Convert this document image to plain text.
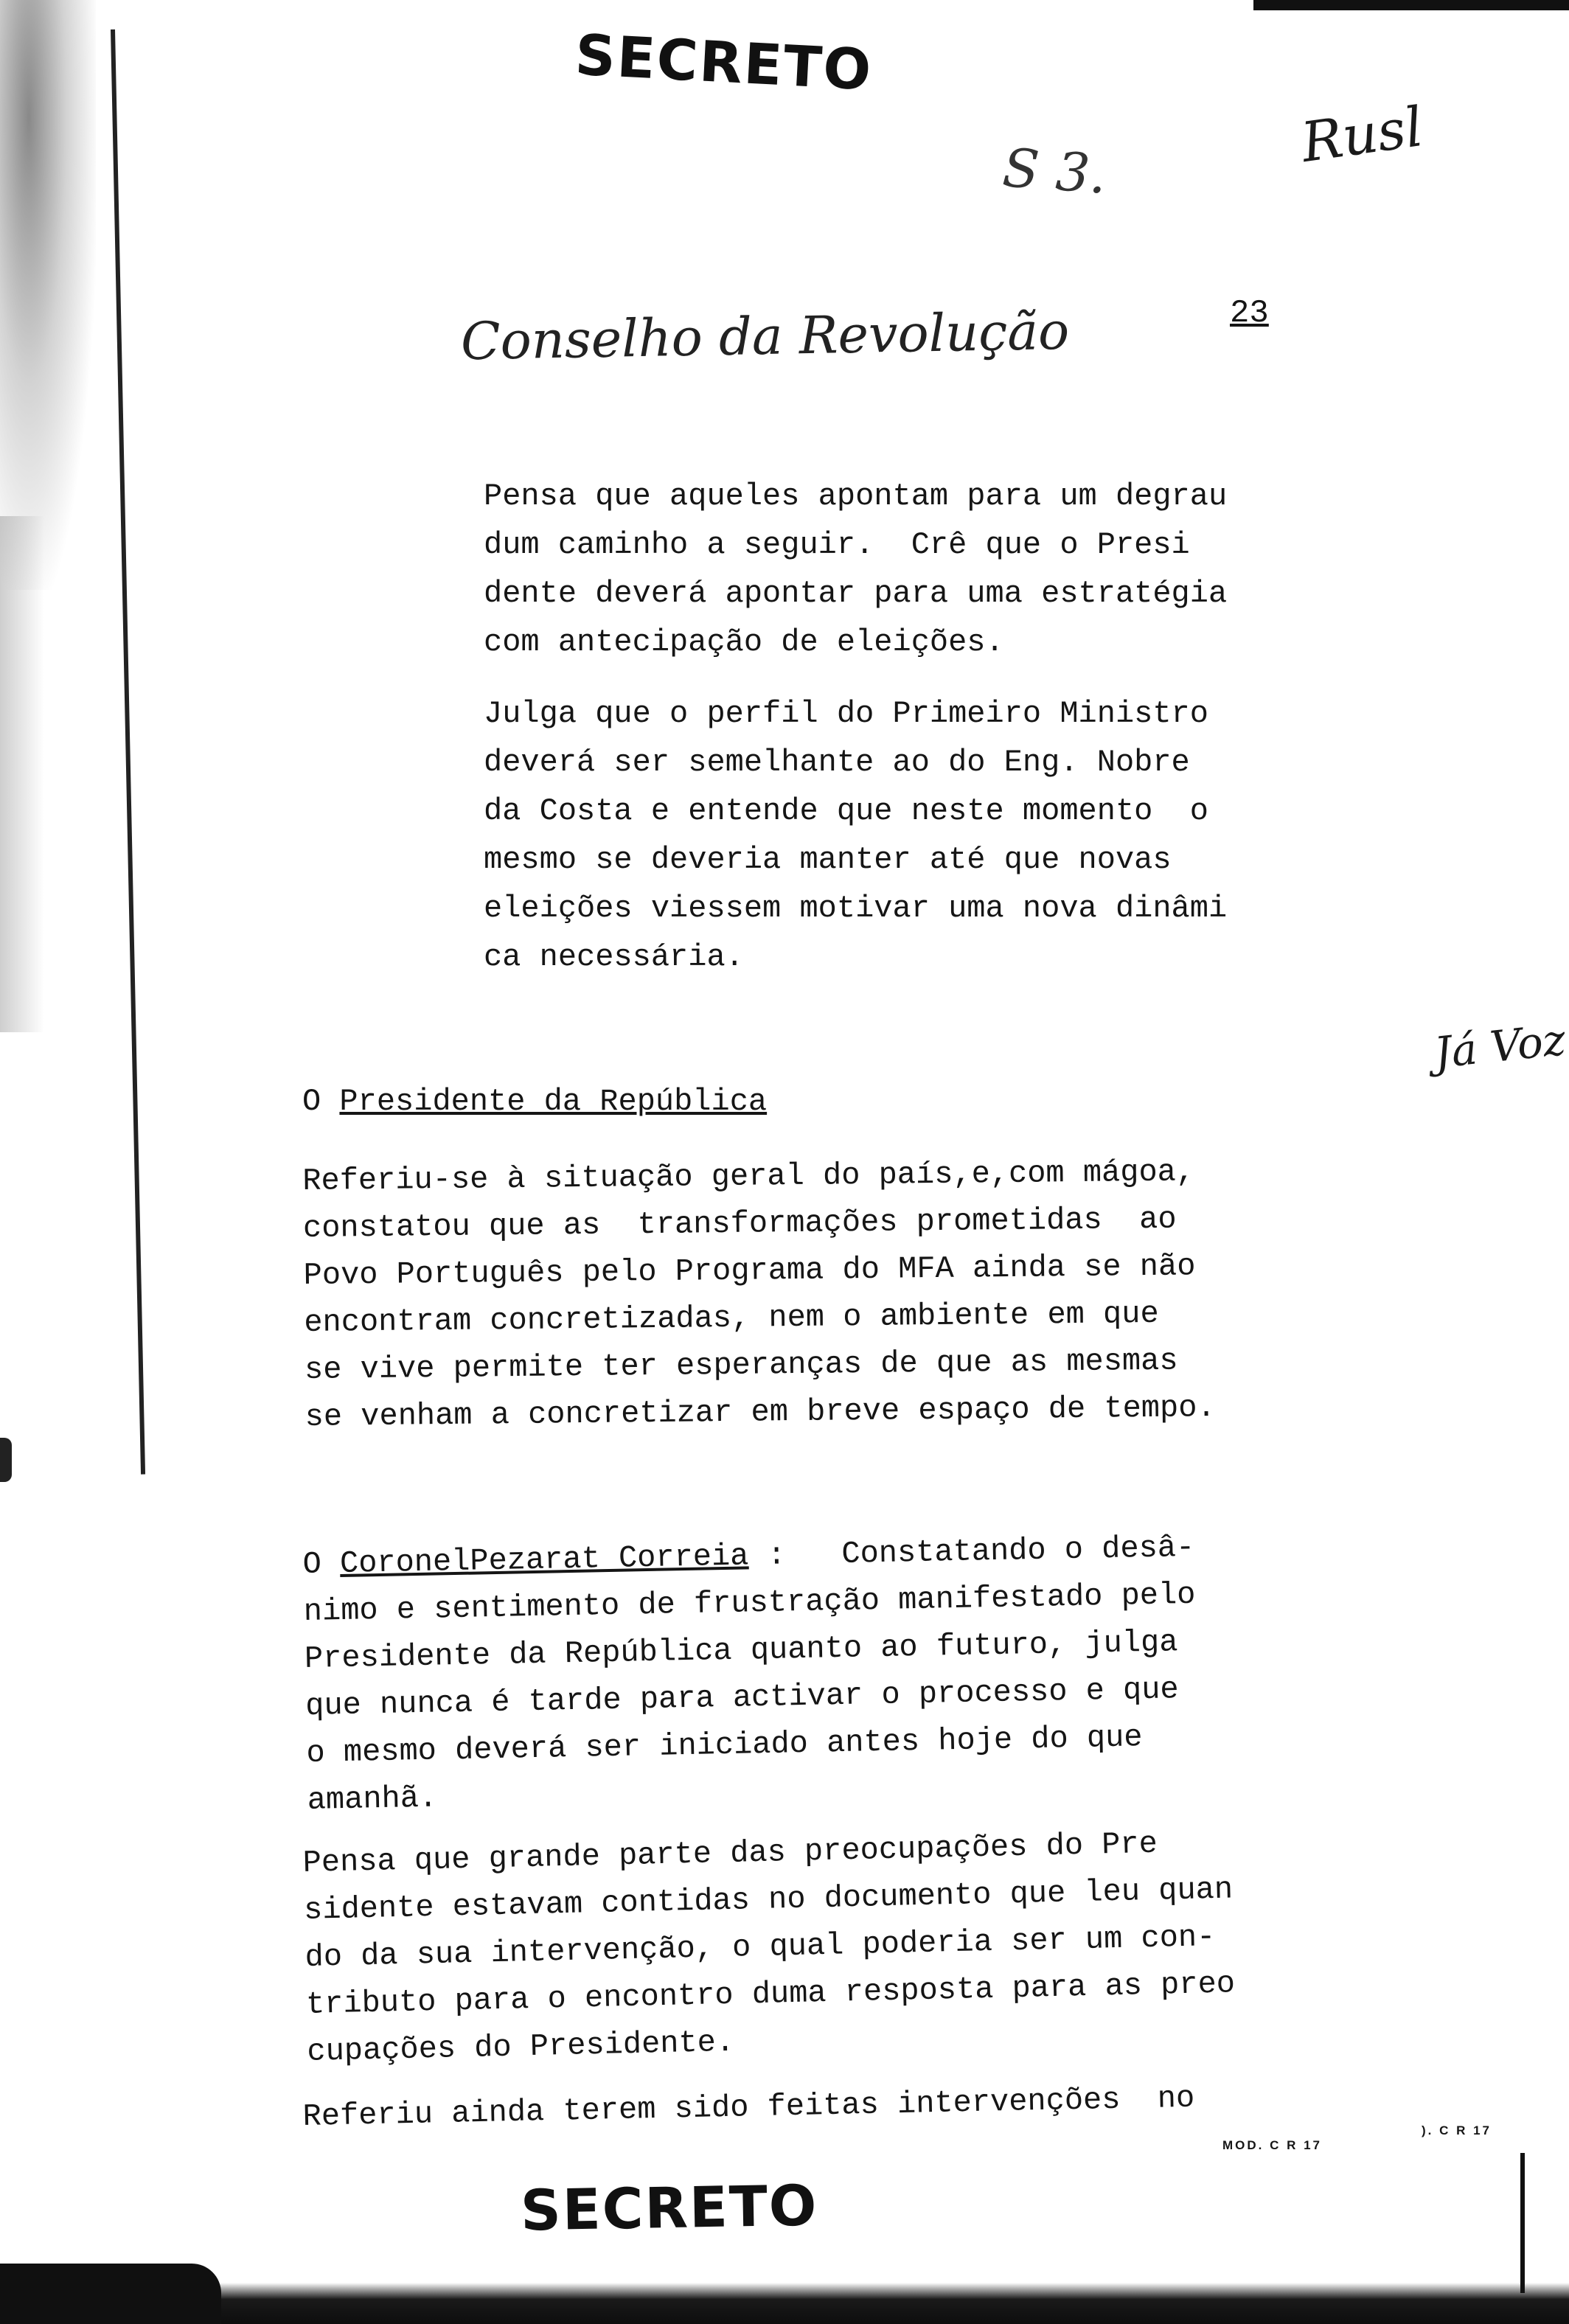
SECRETO
S 3.	Rusl
Conselho da Revolução	23

Pensa que aqueles apontam para um degrau
dum caminho a seguir.  Crê que o Presi
dente deverá apontar para uma estratégia
com antecipação de eleições.

Julga que o perfil do Primeiro Ministro
deverá ser semelhante ao do Eng. Nobre
da Costa e entende que neste momento  o
mesmo se deveria manter até que novas
eleições viessem motivar uma nova dinâmi
ca necessária.

Já Voz
O Presidente da República

Referiu-se à situação geral do país,e,com mágoa,
constatou que as  transformações prometidas  ao
Povo Português pelo Programa do MFA ainda se não
encontram concretizadas, nem o ambiente em que
se vive permite ter esperanças de que as mesmas
se venham a concretizar em breve espaço de tempo.

O CoronelPezarat Correia :   Constatando o desâ-
nimo e sentimento de frustração manifestado pelo
Presidente da República quanto ao futuro, julga
que nunca é tarde para activar o processo e que
o mesmo deverá ser iniciado antes hoje do que
amanhã.

Pensa que grande parte das preocupações do Pre
sidente estavam contidas no documento que leu quan
do da sua intervenção, o qual poderia ser um con-
tributo para o encontro duma resposta para as preo
cupações do Presidente.

Referiu ainda terem sido feitas intervenções  no

MOD. C R 17
). C R 17
SECRETO
